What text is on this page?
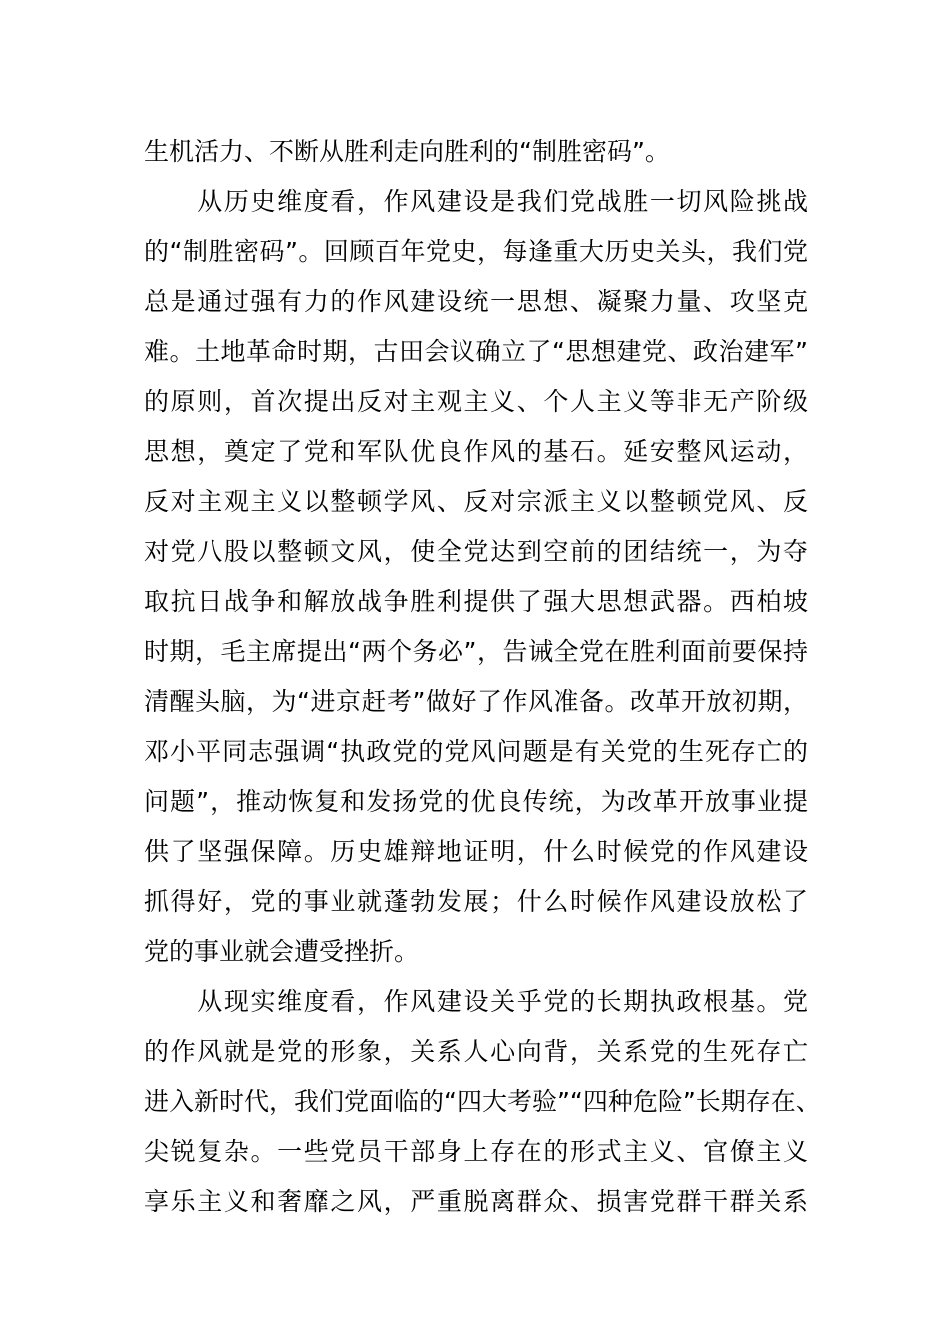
生机活力、不断从胜利走向胜利的“制胜密码”。
　　从历史维度看，作风建设是我们党战胜一切风险挑战
的“制胜密码”。回顾百年党史，每逢重大历史关头，我们党
总是通过强有力的作风建设统一思想、凝聚力量、攻坚克
难。土地革命时期，古田会议确立了“思想建党、政治建军”
的原则，首次提出反对主观主义、个人主义等非无产阶级
思想，奠定了党和军队优良作风的基石。延安整风运动，
反对主观主义以整顿学风、反对宗派主义以整顿党风、反
对党八股以整顿文风，使全党达到空前的团结统一，为夺
取抗日战争和解放战争胜利提供了强大思想武器。西柏坡
时期，毛主席提出“两个务必”，告诫全党在胜利面前要保持
清醒头脑，为“进京赶考”做好了作风准备。改革开放初期，
邓小平同志强调“执政党的党风问题是有关党的生死存亡的
问题”，推动恢复和发扬党的优良传统，为改革开放事业提
供了坚强保障。历史雄辩地证明，什么时候党的作风建设
抓得好，党的事业就蓬勃发展；什么时候作风建设放松了
党的事业就会遭受挫折。
　　从现实维度看，作风建设关乎党的长期执政根基。党
的作风就是党的形象，关系人心向背，关系党的生死存亡
进入新时代，我们党面临的“四大考验”“四种危险”长期存在、
尖锐复杂。一些党员干部身上存在的形式主义、官僚主义
享乐主义和奢靡之风，严重脱离群众、损害党群干群关系
